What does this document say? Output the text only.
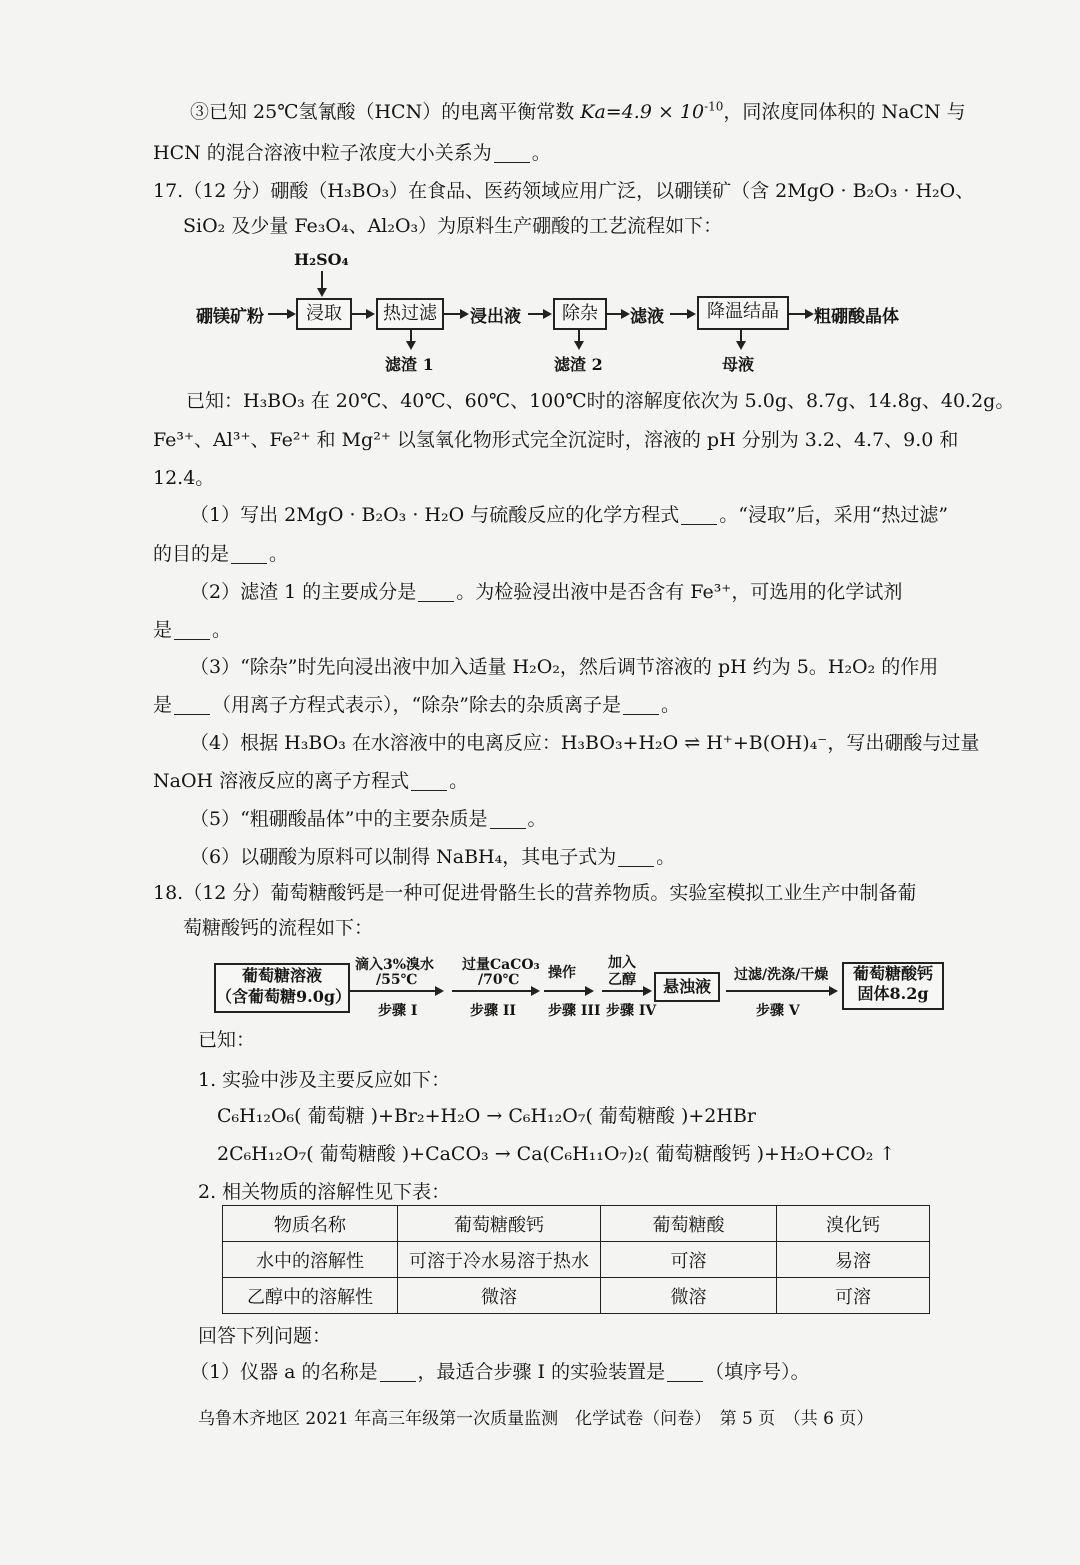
③已知 25℃氢氰酸（HCN）的电离平衡常数 $Ka=4.9 \times 10^{-10}$，同浓度同体积的 NaCN 与
HCN 的混合溶液中粒子浓度大小关系为 。
17.（12 分）硼酸（H₃BO₃）在食品、医药领域应用广泛，以硼镁矿（含 2MgO · B₂O₃ · H₂O、
SiO₂ 及少量 Fe₃O₄、Al₂O₃）为原料生产硼酸的工艺流程如下：
H₂SO₄
硼镁矿粉	浸取	热过滤	浸出液	除杂	滤液	降温结晶	粗硼酸晶体
滤渣 1	滤渣 2	母液
已知：H₃BO₃ 在 20℃、40℃、60℃、100℃时的溶解度依次为 5.0g、8.7g、14.8g、40.2g。
Fe³⁺、Al³⁺、Fe²⁺ 和 Mg²⁺ 以氢氧化物形式完全沉淀时，溶液的 pH 分别为 3.2、4.7、9.0 和
12.4。
（1）写出 2MgO · B₂O₃ · H₂O 与硫酸反应的化学方程式 。“浸取”后，采用“热过滤”
的目的是 。
（2）滤渣 1 的主要成分是 。为检验浸出液中是否含有 Fe³⁺，可选用的化学试剂
是 。
（3）“除杂”时先向浸出液中加入适量 H₂O₂，然后调节溶液的 pH 约为 5。H₂O₂ 的作用
是 （用离子方程式表示），“除杂”除去的杂质离子是 。
（4）根据 H₃BO₃ 在水溶液中的电离反应：H₃BO₃+H₂O ⇌ H⁺+B(OH)₄⁻，写出硼酸与过量
NaOH 溶液反应的离子方程式 。
（5）“粗硼酸晶体”中的主要杂质是 。
（6）以硼酸为原料可以制得 NaBH₄，其电子式为 。
18.（12 分）葡萄糖酸钙是一种可促进骨骼生长的营养物质。实验室模拟工业生产中制备葡
萄糖酸钙的流程如下：
葡萄糖溶液
（含葡萄糖9.0g）
滴入3%溴水
/55℃
步骤 I
过量CaCO₃
/70℃
步骤 II
操作
步骤 III
加入
乙醇
步骤 IV
悬浊液
过滤/洗涤/干燥
步骤 V
葡萄糖酸钙
固体8.2g
已知：
1. 实验中涉及主要反应如下：
C₆H₁₂O₆( 葡萄糖 )+Br₂+H₂O → C₆H₁₂O₇( 葡萄糖酸 )+2HBr
2C₆H₁₂O₇( 葡萄糖酸 )+CaCO₃ → Ca(C₆H₁₁O₇)₂( 葡萄糖酸钙 )+H₂O+CO₂ ↑
2. 相关物质的溶解性见下表：
物质名称	葡萄糖酸钙	葡萄糖酸	溴化钙
水中的溶解性	可溶于冷水易溶于热水	可溶	易溶
乙醇中的溶解性	微溶	微溶	可溶
回答下列问题：
（1）仪器 a 的名称是 ，最适合步骤 I 的实验装置是 （填序号）。
乌鲁木齐地区 2021 年高三年级第一次质量监测　化学试卷（问卷）　第 5 页　（共 6 页）
